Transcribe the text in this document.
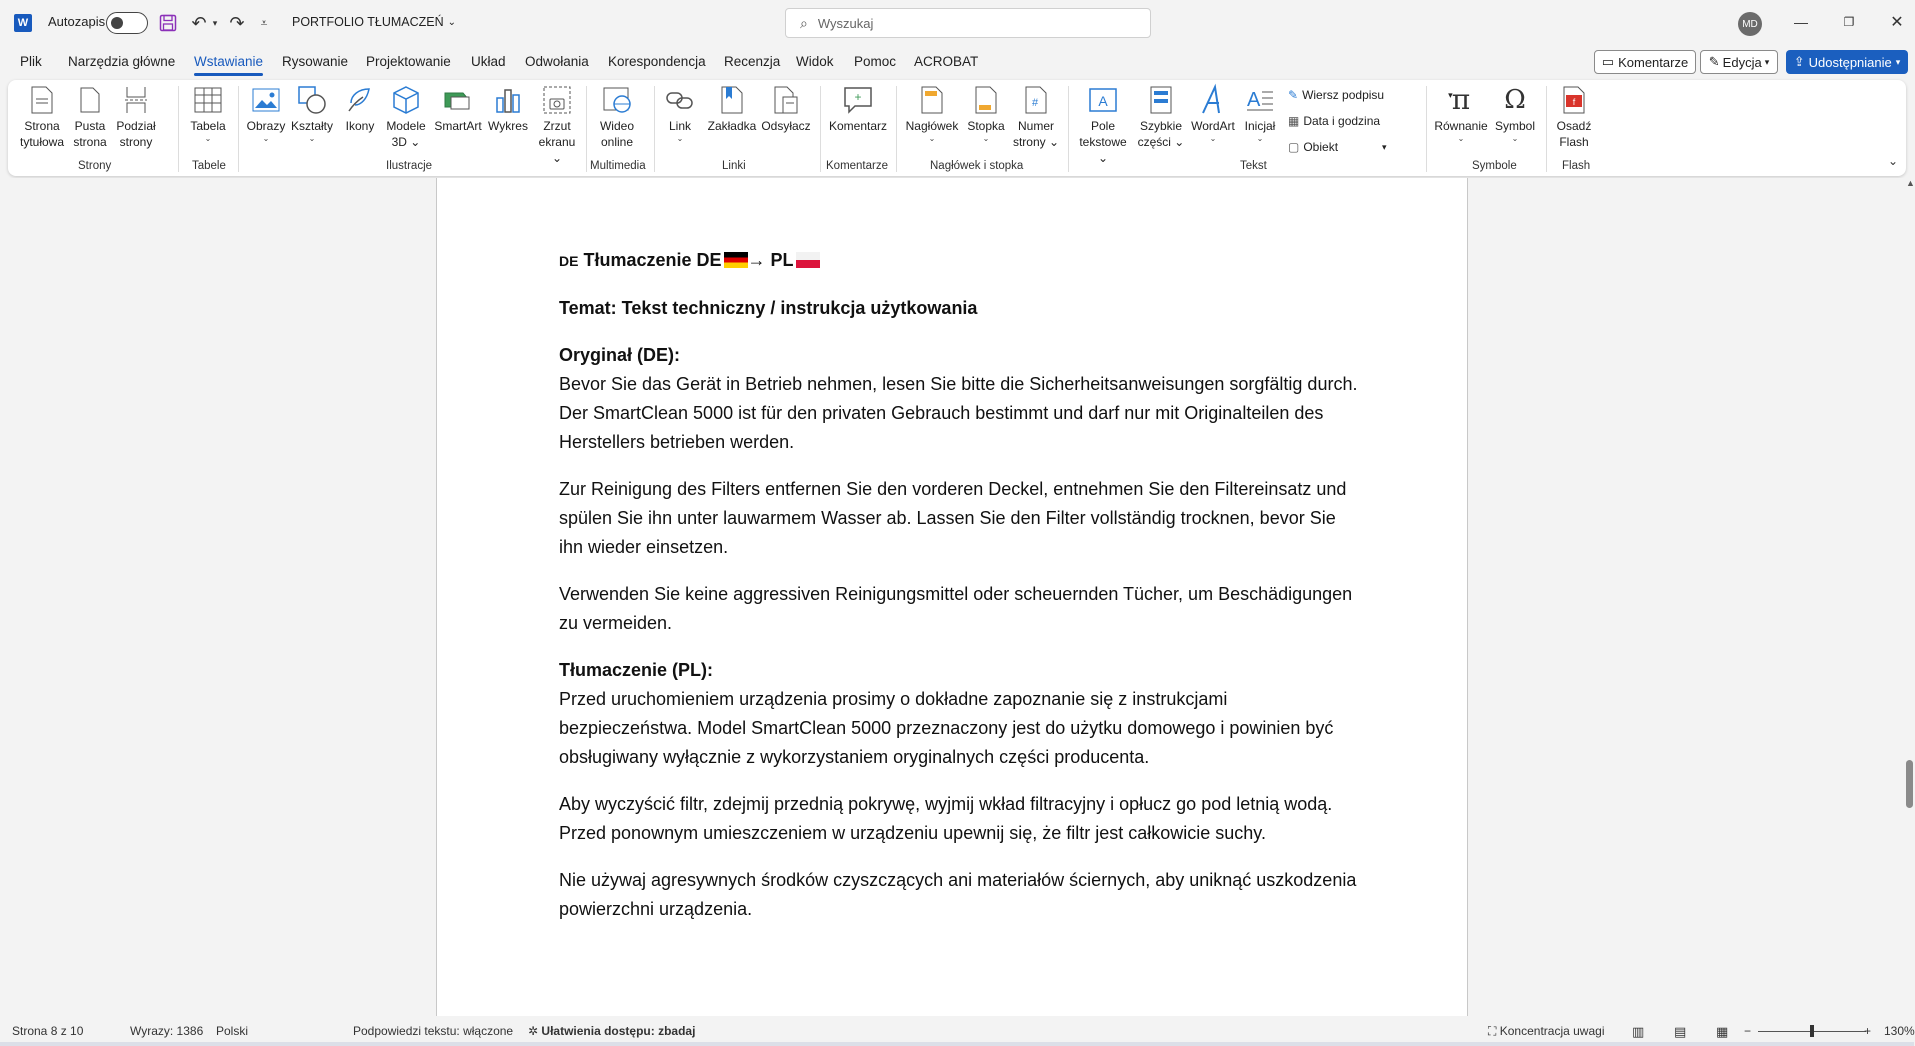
W Autozapis	↶ ▾ ↷	⩡	PORTFOLIO TŁUMACZEŃ ⌄	⌕ Wyszukaj	MD	—	❐	✕
Plik Narzędzia główne Wstawianie Rysowanie Projektowanie Układ Odwołania Korespondencja Recenzja Widok Pomoc ACROBAT	▭ Komentarze ✎ Edycja ▾ ⇪ Udostępnianie ▾
Strona
tytułowa
Pusta
strona
Podział
strony
Strony
Tabela
⌄
Tabele
Obrazy
⌄
Kształty
⌄
Ikony Modele
3D ⌄
SmartArt Wykres Zrzut
ekranu ⌄
Ilustracje
Wideo
online
Multimedia
Link
⌄
Zakładka Odsyłacz
Linki
+
Komentarz
Komentarze
Nagłówek
⌄
Stopka
⌄
#
Numer
strony ⌄
Nagłówek i stopka
A
Pole
tekstowe ⌄
Szybkie
części ⌄
WordArt
⌄
A
Inicjał
⌄
✎ Wiersz podpisu	▾
▦ Data i godzina
▢ Obiekt	▾
Tekst
π
Równanie
⌄
Ω
Symbol
⌄
Symbole
f
Osadź
Flash
Flash	⌄
DE Tłumaczenie DE → PL
Temat: Tekst techniczny / instrukcja użytkowania
Oryginał (DE):
Bevor Sie das Gerät in Betrieb nehmen, lesen Sie bitte die Sicherheitsanweisungen sorgfältig durch. Der SmartClean 5000 ist für den privaten Gebrauch bestimmt und darf nur mit Originalteilen des Herstellers betrieben werden.
Zur Reinigung des Filters entfernen Sie den vorderen Deckel, entnehmen Sie den Filtereinsatz und spülen Sie ihn unter lauwarmem Wasser ab. Lassen Sie den Filter vollständig trocknen, bevor Sie ihn wieder einsetzen.
Verwenden Sie keine aggressiven Reinigungsmittel oder scheuernden Tücher, um Beschädigungen zu vermeiden.
Tłumaczenie (PL):
Przed uruchomieniem urządzenia prosimy o dokładne zapoznanie się z instrukcjami bezpieczeństwa. Model SmartClean 5000 przeznaczony jest do użytku domowego i powinien być obsługiwany wyłącznie z wykorzystaniem oryginalnych części producenta.
Aby wyczyścić filtr, zdejmij przednią pokrywę, wyjmij wkład filtracyjny i opłucz go pod letnią wodą. Przed ponownym umieszczeniem w urządzeniu upewnij się, że filtr jest całkowicie suchy.
Nie używaj agresywnych środków czyszczących ani materiałów ściernych, aby uniknąć uszkodzenia powierzchni urządzenia.
▲
Strona 8 z 10	Wyrazy: 1386 Polski	Podpowiedzi tekstu: włączone ✲ Ułatwienia dostępu: zbadaj	⛶ Koncentracja uwagi ▥ ▤ ▦ −	+ 130%
